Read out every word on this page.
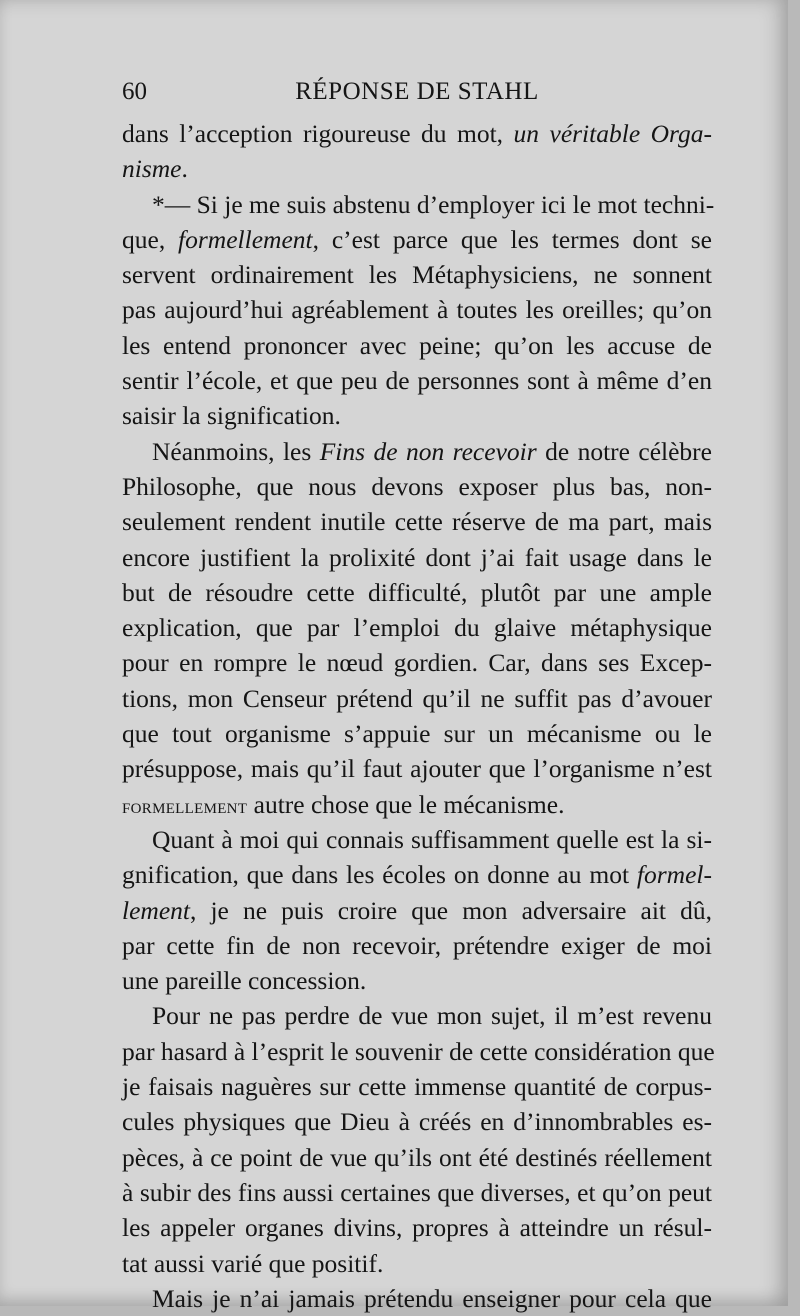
60	RÉPONSE DE STAHL
dans l’acception rigoureuse du mot, un véritable Orga-
nisme.
*— Si je me suis abstenu d’employer ici le mot techni-
que, formellement, c’est parce que les termes dont se
servent ordinairement les Métaphysiciens, ne sonnent
pas aujourd’hui agréablement à toutes les oreilles; qu’on
les entend prononcer avec peine; qu’on les accuse de
sentir l’école, et que peu de personnes sont à même d’en
saisir la signification.
Néanmoins, les Fins de non recevoir de notre célèbre
Philosophe, que nous devons exposer plus bas, non-
seulement rendent inutile cette réserve de ma part, mais
encore justifient la prolixité dont j’ai fait usage dans le
but de résoudre cette difficulté, plutôt par une ample
explication, que par l’emploi du glaive métaphysique
pour en rompre le nœud gordien. Car, dans ses Excep-
tions, mon Censeur prétend qu’il ne suffit pas d’avouer
que tout organisme s’appuie sur un mécanisme ou le
présuppose, mais qu’il faut ajouter que l’organisme n’est
formellement autre chose que le mécanisme.
Quant à moi qui connais suffisamment quelle est la si-
gnification, que dans les écoles on donne au mot formel-
lement, je ne puis croire que mon adversaire ait dû,
par cette fin de non recevoir, prétendre exiger de moi
une pareille concession.
Pour ne pas perdre de vue mon sujet, il m’est revenu
par hasard à l’esprit le souvenir de cette considération que
je faisais naguères sur cette immense quantité de corpus-
cules physiques que Dieu à créés en d’innombrables es-
pèces, à ce point de vue qu’ils ont été destinés réellement
à subir des fins aussi certaines que diverses, et qu’on peut
les appeler organes divins, propres à atteindre un résul-
tat aussi varié que positif.
Mais je n’ai jamais prétendu enseigner pour cela que
